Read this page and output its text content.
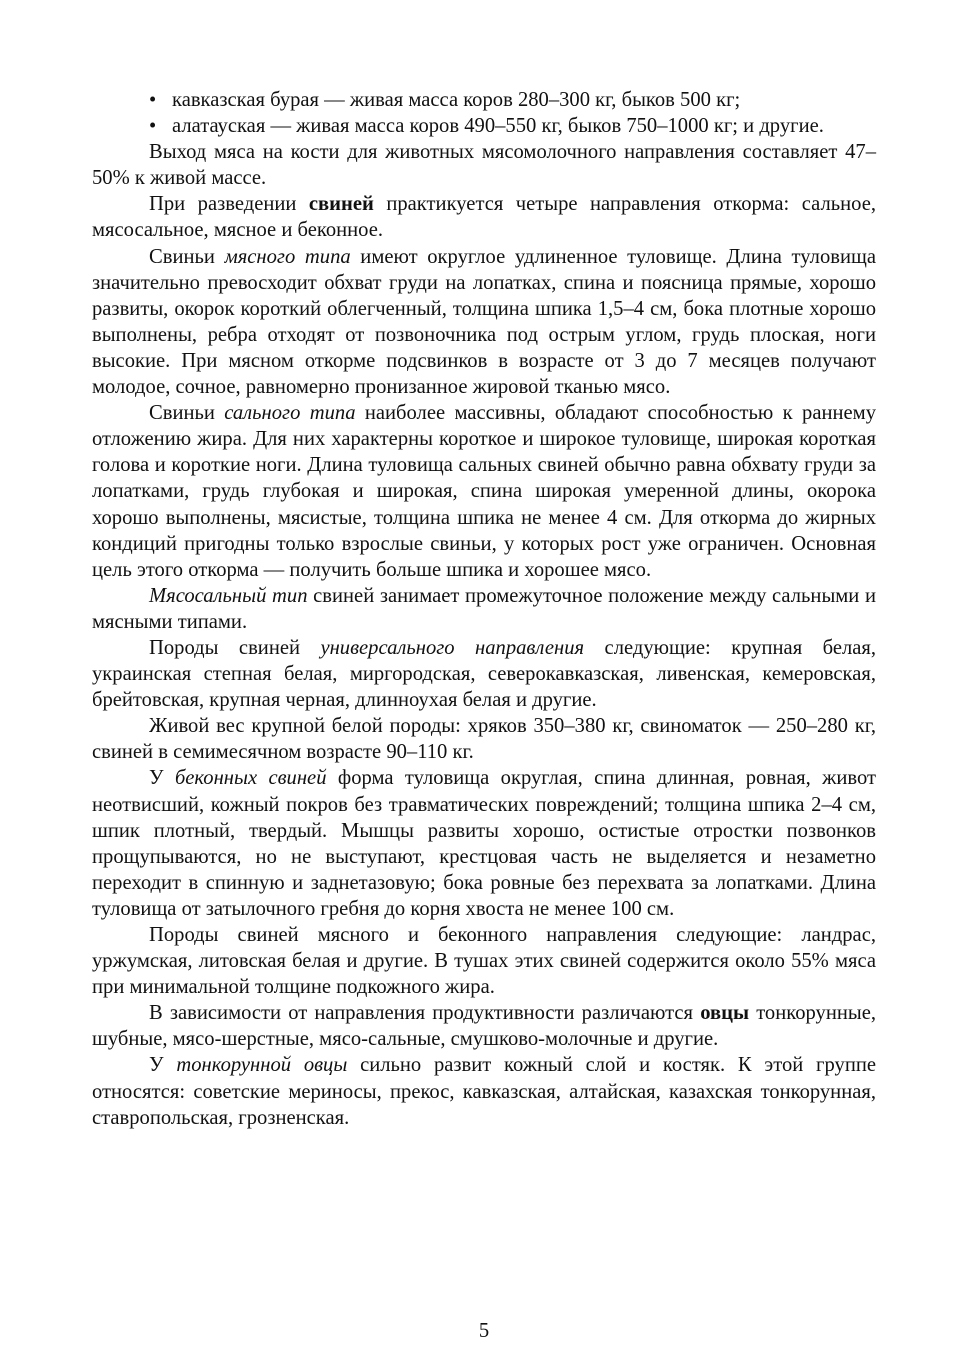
• кавказская бурая — живая масса коров 280–300 кг, быков 500 кг;
• алатауская — живая масса коров 490–550 кг, быков 750–1000 кг; и другие.

Выход мяса на кости для животных мясомолочного направления составляет 47–50% к живой массе.

При разведении свиней практикуется четыре направления откорма: сальное, мясосальное, мясное и беконное.

Свиньи мясного типа имеют округлое удлиненное туловище. Длина туловища значительно превосходит обхват груди на лопатках, спина и поясница прямые, хорошо развиты, окорок короткий облегченный, толщина шпика 1,5–4 см, бока плотные хорошо выполнены, ребра отходят от позвоночника под острым углом, грудь плоская, ноги высокие. При мясном откорме подсвинков в возрасте от 3 до 7 месяцев получают молодое, сочное, равномерно пронизанное жировой тканью мясо.

Свиньи сального типа наиболее массивны, обладают способностью к раннему отложению жира. Для них характерны короткое и широкое туловище, широкая короткая голова и короткие ноги. Длина туловища сальных свиней обычно равна обхвату груди за лопатками, грудь глубокая и широкая, спина широкая умеренной длины, окорока хорошо выполнены, мясистые, толщина шпика не менее 4 см. Для откорма до жирных кондиций пригодны только взрослые свиньи, у которых рост уже ограничен. Основная цель этого откорма — получить больше шпика и хорошее мясо.

Мясосальный тип свиней занимает промежуточное положение между сальными и мясными типами.

Породы свиней универсального направления следующие: крупная белая, украинская степная белая, миргородская, северокавказская, ливенская, кемеровская, брейтовская, крупная черная, длинноухая белая и другие.

Живой вес крупной белой породы: хряков 350–380 кг, свиноматок — 250–280 кг, свиней в семимесячном возрасте 90–110 кг.

У беконных свиней форма туловища округлая, спина длинная, ровная, живот неотвисший, кожный покров без травматических повреждений; толщина шпика 2–4 см, шпик плотный, твердый. Мышцы развиты хорошо, остистые отростки позвонков прощупываются, но не выступают, крестцовая часть не выделяется и незаметно переходит в спинную и заднетазовую; бока ровные без перехвата за лопатками. Длина туловища от затылочного гребня до корня хвоста не менее 100 см.

Породы свиней мясного и беконного направления следующие: ландрас, уржумская, литовская белая и другие. В тушах этих свиней содержится около 55% мяса при минимальной толщине подкожного жира.

В зависимости от направления продуктивности различаются овцы тонкорунные, шубные, мясо-шерстные, мясо-сальные, смушково-молочные и другие.

У тонкорунной овцы сильно развит кожный слой и костяк. К этой группе относятся: советские мериносы, прекос, кавказская, алтайская, казахская тонкорунная, ставропольская, грозненская.

5
